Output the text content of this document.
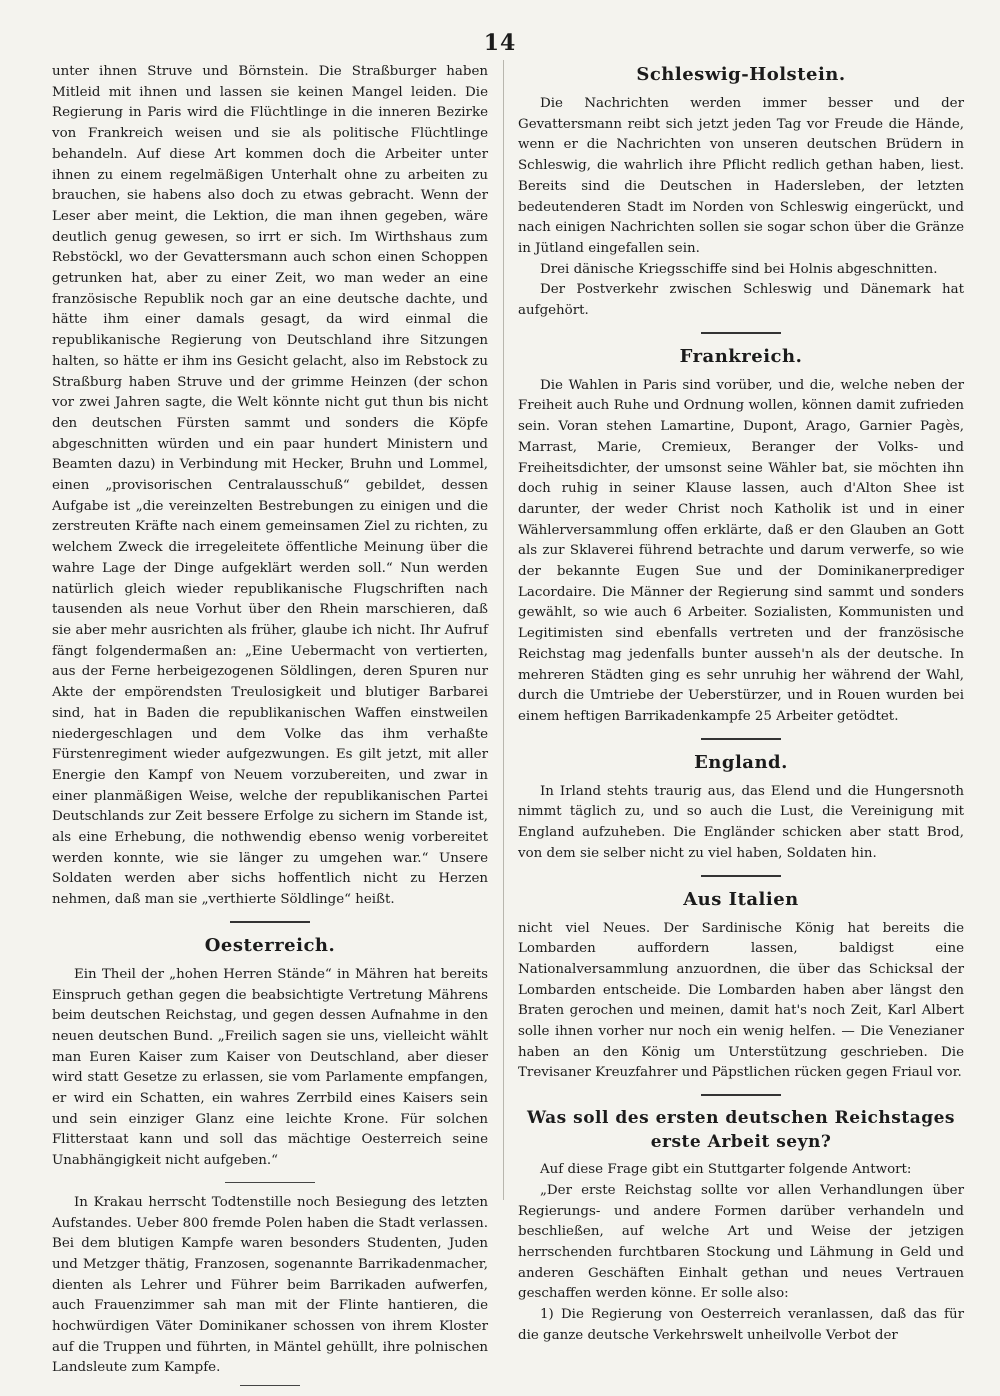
14

unter ihnen Struve und Börnstein. Die Straßburger haben Mitleid mit ihnen und lassen sie keinen Mangel leiden. Die Regierung in Paris wird die Flüchtlinge in die inneren Bezirke von Frankreich weisen und sie als politische Flüchtlinge behandeln. Auf diese Art kommen doch die Arbeiter unter ihnen zu einem regelmäßigen Unterhalt ohne zu arbeiten zu brauchen, sie habens also doch zu etwas gebracht. Wenn der Leser aber meint, die Lektion, die man ihnen gegeben, wäre deutlich genug gewesen, so irrt er sich. Im Wirthshaus zum Rebstöckl, wo der Gevattersmann auch schon einen Schoppen getrunken hat, aber zu einer Zeit, wo man weder an eine französische Republik noch gar an eine deutsche dachte, und hätte ihm einer damals gesagt, da wird einmal die republikanische Regierung von Deutschland ihre Sitzungen halten, so hätte er ihm ins Gesicht gelacht, also im Rebstock zu Straßburg haben Struve und der grimme Heinzen (der schon vor zwei Jahren sagte, die Welt könnte nicht gut thun bis nicht den deutschen Fürsten sammt und sonders die Köpfe abgeschnitten würden und ein paar hundert Ministern und Beamten dazu) in Verbindung mit Hecker, Bruhn und Lommel, einen „provisorischen Centralausschuß“ gebildet, dessen Aufgabe ist „die vereinzelten Bestrebungen zu einigen und die zerstreuten Kräfte nach einem gemeinsamen Ziel zu richten, zu welchem Zweck die irregeleitete öffentliche Meinung über die wahre Lage der Dinge aufgeklärt werden soll.“ Nun werden natürlich gleich wieder republikanische Flugschriften nach tausenden als neue Vorhut über den Rhein marschieren, daß sie aber mehr ausrichten als früher, glaube ich nicht. Ihr Aufruf fängt folgendermaßen an: „Eine Uebermacht von vertierten, aus der Ferne herbeigezogenen Söldlingen, deren Spuren nur Akte der empörendsten Treulosigkeit und blutiger Barbarei sind, hat in Baden die republikanischen Waffen einstweilen niedergeschlagen und dem Volke das ihm verhaßte Fürstenregiment wieder aufgezwungen. Es gilt jetzt, mit aller Energie den Kampf von Neuem vorzubereiten, und zwar in einer planmäßigen Weise, welche der republikanischen Partei Deutschlands zur Zeit bessere Erfolge zu sichern im Stande ist, als eine Erhebung, die nothwendig ebenso wenig vorbereitet werden konnte, wie sie länger zu umgehen war.“ Unsere Soldaten werden aber sichs hoffentlich nicht zu Herzen nehmen, daß man sie „verthierte Söldlinge“ heißt.

Oesterreich.

Ein Theil der „hohen Herren Stände“ in Mähren hat bereits Einspruch gethan gegen die beabsichtigte Vertretung Mährens beim deutschen Reichstag, und gegen dessen Aufnahme in den neuen deutschen Bund. „Freilich sagen sie uns, vielleicht wählt man Euren Kaiser zum Kaiser von Deutschland, aber dieser wird statt Gesetze zu erlassen, sie vom Parlamente empfangen, er wird ein Schatten, ein wahres Zerrbild eines Kaisers sein und sein einziger Glanz eine leichte Krone. Für solchen Flitterstaat kann und soll das mächtige Oesterreich seine Unabhängigkeit nicht aufgeben.“

In Krakau herrscht Todtenstille noch Besiegung des letzten Aufstandes. Ueber 800 fremde Polen haben die Stadt verlassen. Bei dem blutigen Kampfe waren besonders Studenten, Juden und Metzger thätig, Franzosen, sogenannte Barrikadenmacher, dienten als Lehrer und Führer beim Barrikaden aufwerfen, auch Frauenzimmer sah man mit der Flinte hantieren, die hochwürdigen Väter Dominikaner schossen von ihrem Kloster auf die Truppen und führten, in Mäntel gehüllt, ihre polnischen Landsleute zum Kampfe.

Schleswig-Holstein.

Die Nachrichten werden immer besser und der Gevattersmann reibt sich jetzt jeden Tag vor Freude die Hände, wenn er die Nachrichten von unseren deutschen Brüdern in Schleswig, die wahrlich ihre Pflicht redlich gethan haben, liest. Bereits sind die Deutschen in Hadersleben, der letzten bedeutenderen Stadt im Norden von Schleswig eingerückt, und nach einigen Nachrichten sollen sie sogar schon über die Gränze in Jütland eingefallen sein.

Drei dänische Kriegsschiffe sind bei Holnis abgeschnitten.

Der Postverkehr zwischen Schleswig und Dänemark hat aufgehört.

Frankreich.

Die Wahlen in Paris sind vorüber, und die, welche neben der Freiheit auch Ruhe und Ordnung wollen, können damit zufrieden sein. Voran stehen Lamartine, Dupont, Arago, Garnier Pagès, Marrast, Marie, Cremieux, Beranger der Volks- und Freiheitsdichter, der umsonst seine Wähler bat, sie möchten ihn doch ruhig in seiner Klause lassen, auch d'Alton Shee ist darunter, der weder Christ noch Katholik ist und in einer Wählerversammlung offen erklärte, daß er den Glauben an Gott als zur Sklaverei führend betrachte und darum verwerfe, so wie der bekannte Eugen Sue und der Dominikanerprediger Lacordaire. Die Männer der Regierung sind sammt und sonders gewählt, so wie auch 6 Arbeiter. Sozialisten, Kommunisten und Legitimisten sind ebenfalls vertreten und der französische Reichstag mag jedenfalls bunter ausseh'n als der deutsche. In mehreren Städten ging es sehr unruhig her während der Wahl, durch die Umtriebe der Ueberstürzer, und in Rouen wurden bei einem heftigen Barrikadenkampfe 25 Arbeiter getödtet.

England.

In Irland stehts traurig aus, das Elend und die Hungersnoth nimmt täglich zu, und so auch die Lust, die Vereinigung mit England aufzuheben. Die Engländer schicken aber statt Brod, von dem sie selber nicht zu viel haben, Soldaten hin.

Aus Italien

nicht viel Neues. Der Sardinische König hat bereits die Lombarden auffordern lassen, baldigst eine Nationalversammlung anzuordnen, die über das Schicksal der Lombarden entscheide. Die Lombarden haben aber längst den Braten gerochen und meinen, damit hat's noch Zeit, Karl Albert solle ihnen vorher nur noch ein wenig helfen. — Die Venezianer haben an den König um Unterstützung geschrieben. Die Trevisaner Kreuzfahrer und Päpstlichen rücken gegen Friaul vor.

Was soll des ersten deutschen Reichstages erste Arbeit seyn?

Auf diese Frage gibt ein Stuttgarter folgende Antwort:

„Der erste Reichstag sollte vor allen Verhandlungen über Regierungs- und andere Formen darüber verhandeln und beschließen, auf welche Art und Weise der jetzigen herrschenden furchtbaren Stockung und Lähmung in Geld und anderen Geschäften Einhalt gethan und neues Vertrauen geschaffen werden könne. Er solle also:

1) Die Regierung von Oesterreich veranlassen, daß das für die ganze deutsche Verkehrswelt unheilvolle Verbot der
